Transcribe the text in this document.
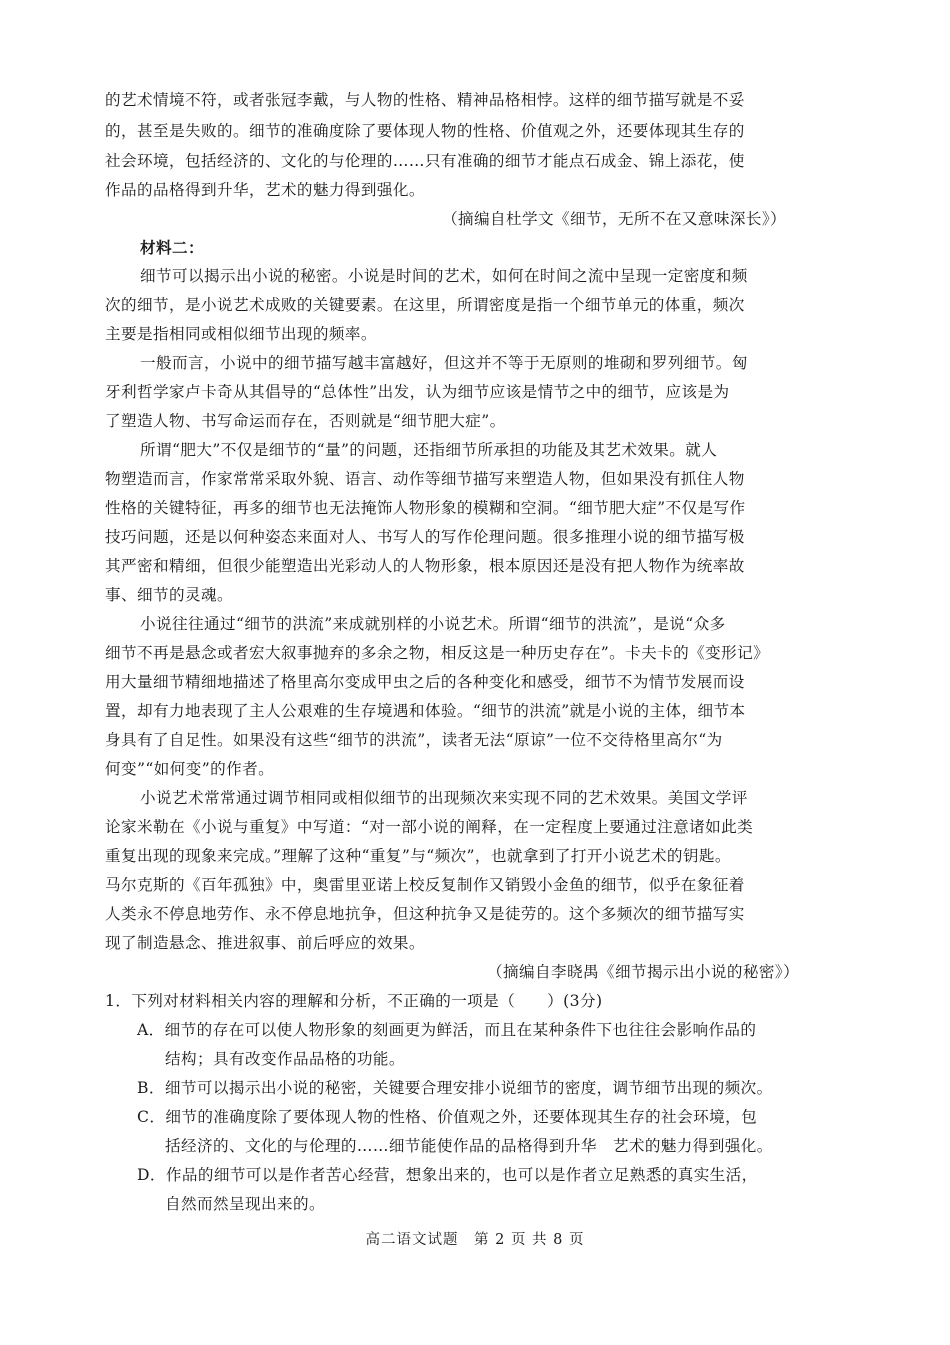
的艺术情境不符，或者张冠李戴，与人物的性格、精神品格相悖。这样的细节描写就是不妥
的，甚至是失败的。细节的准确度除了要体现人物的性格、价值观之外，还要体现其生存的
社会环境，包括经济的、文化的与伦理的……只有准确的细节才能点石成金、锦上添花，使
作品的品格得到升华，艺术的魅力得到强化。
（摘编自杜学文《细节，无所不在又意味深长》）
材料二：
细节可以揭示出小说的秘密。小说是时间的艺术，如何在时间之流中呈现一定密度和频
次的细节，是小说艺术成败的关键要素。在这里，所谓密度是指一个细节单元的体重，频次
主要是指相同或相似细节出现的频率。
一般而言，小说中的细节描写越丰富越好，但这并不等于无原则的堆砌和罗列细节。匈
牙利哲学家卢卡奇从其倡导的“总体性”出发，认为细节应该是情节之中的细节，应该是为
了塑造人物、书写命运而存在，否则就是“细节肥大症”。
所谓“肥大”不仅是细节的“量”的问题，还指细节所承担的功能及其艺术效果。就人
物塑造而言，作家常常采取外貌、语言、动作等细节描写来塑造人物，但如果没有抓住人物
性格的关键特征，再多的细节也无法掩饰人物形象的模糊和空洞。“细节肥大症”不仅是写作
技巧问题，还是以何种姿态来面对人、书写人的写作伦理问题。很多推理小说的细节描写极
其严密和精细，但很少能塑造出光彩动人的人物形象，根本原因还是没有把人物作为统率故
事、细节的灵魂。
小说往往通过“细节的洪流”来成就别样的小说艺术。所谓“细节的洪流”，是说“众多
细节不再是悬念或者宏大叙事抛弃的多余之物，相反这是一种历史存在”。卡夫卡的《变形记》
用大量细节精细地描述了格里高尔变成甲虫之后的各种变化和感受，细节不为情节发展而设
置，却有力地表现了主人公艰难的生存境遇和体验。“细节的洪流”就是小说的主体，细节本
身具有了自足性。如果没有这些“细节的洪流”，读者无法“原谅”一位不交待格里高尔“为
何变”“如何变”的作者。
小说艺术常常通过调节相同或相似细节的出现频次来实现不同的艺术效果。美国文学评
论家米勒在《小说与重复》中写道：“对一部小说的阐释，在一定程度上要通过注意诸如此类
重复出现的现象来完成。”理解了这种“重复”与“频次”，也就拿到了打开小说艺术的钥匙。
马尔克斯的《百年孤独》中，奥雷里亚诺上校反复制作又销毁小金鱼的细节，似乎在象征着
人类永不停息地劳作、永不停息地抗争，但这种抗争又是徒劳的。这个多频次的细节描写实
现了制造悬念、推进叙事、前后呼应的效果。
（摘编自李晓禺《细节揭示出小说的秘密》）
1．下列对材料相关内容的理解和分析，不正确的一项是（　　）(3分)
A．细节的存在可以使人物形象的刻画更为鲜活，而且在某种条件下也往往会影响作品的
结构；具有改变作品品格的功能。
B．细节可以揭示出小说的秘密，关键要合理安排小说细节的密度，调节细节出现的频次。
C．细节的准确度除了要体现人物的性格、价值观之外，还要体现其生存的社会环境，包
括经济的、文化的与伦理的……细节能使作品的品格得到升华　艺术的魅力得到强化。
D．作品的细节可以是作者苦心经营，想象出来的，也可以是作者立足熟悉的真实生活，
自然而然呈现出来的。
高二语文试题　第 2 页 共 8 页
